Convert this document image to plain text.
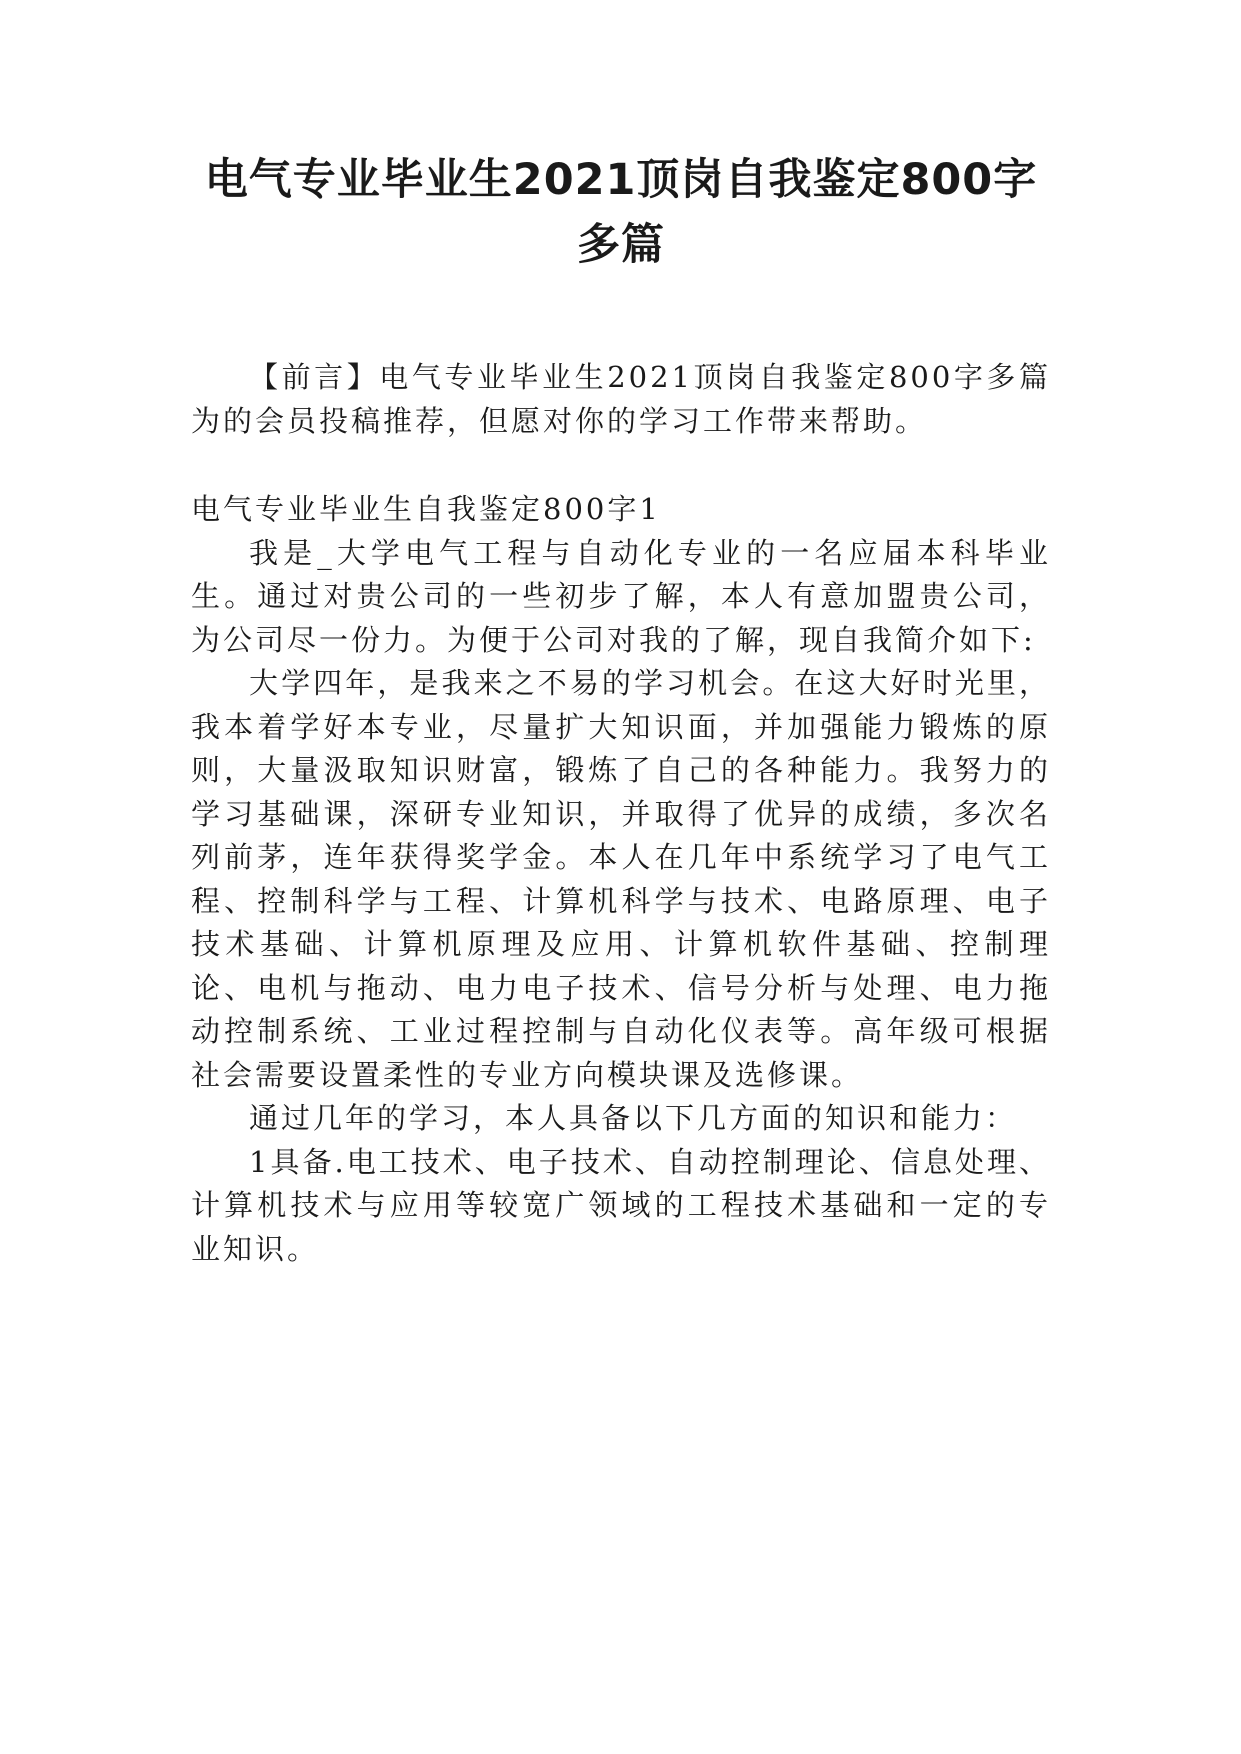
电气专业毕业生2021顶岗自我鉴定800字多篇

【前言】电气专业毕业生2021顶岗自我鉴定800字多篇为的会员投稿推荐，但愿对你的学习工作带来帮助。

电气专业毕业生自我鉴定800字1

我是_大学电气工程与自动化专业的一名应届本科毕业生。通过对贵公司的一些初步了解，本人有意加盟贵公司，为公司尽一份力。为便于公司对我的了解，现自我简介如下:

大学四年，是我来之不易的学习机会。在这大好时光里，我本着学好本专业，尽量扩大知识面，并加强能力锻炼的原则，大量汲取知识财富，锻炼了自己的各种能力。我努力的学习基础课，深研专业知识，并取得了优异的成绩，多次名列前茅，连年获得奖学金。本人在几年中系统学习了电气工程、控制科学与工程、计算机科学与技术、电路原理、电子技术基础、计算机原理及应用、计算机软件基础、控制理论、电机与拖动、电力电子技术、信号分析与处理、电力拖动控制系统、工业过程控制与自动化仪表等。高年级可根据社会需要设置柔性的专业方向模块课及选修课。

通过几年的学习，本人具备以下几方面的知识和能力：

1具备.电工技术、电子技术、自动控制理论、信息处理、计算机技术与应用等较宽广领域的工程技术基础和一定的专业知识。
